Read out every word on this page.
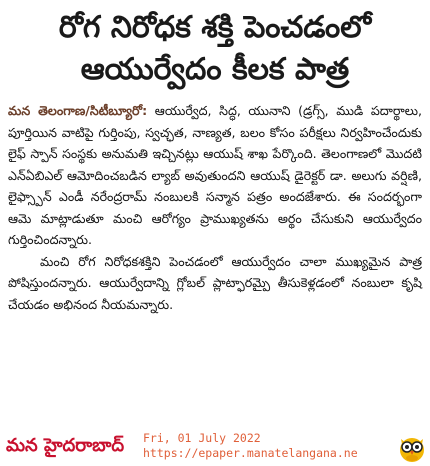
రోగ నిరోధక శక్తి పెంచడంలో
ఆయుర్వేదం కీలక పాత్ర

మన తెలంగాణ/సిటీబ్యూరో: ఆయుర్వేద, సిద్ధ, యునాని (డ్రగ్స్, ముడి పదార్థాలు, పూర్తియిన వాటిపై గుర్తింపు, స్వచ్ఛత, నాణ్యత, బలం కోసం పరీక్షలు నిర్వహించేందుకు లైఫ్ స్పాన్ సంస్థకు అనుమతి ఇచ్చినట్లు ఆయుష్ శాఖ పేర్కొంది. తెలంగాణలో మొదటి ఎన్ఏబిఎల్ ఆమోదించబడిన ల్యాబ్ అవుతుందని ఆయుష్ డైరెక్టర్ డా. అలుగు వర్షిణి, లైఫ్స్పాన్ ఎండీ నరేంద్రరామ్ నంబులకి సన్మాన పత్రం అందజేశారు. ఈ సందర్భంగా ఆమె మాట్లాడుతూ మంచి ఆరోగ్యం ప్రాముఖ్యతను అర్థం చేసుకుని ఆయుర్వేదం గుర్తించిందన్నారు.

మంచి రోగ నిరోధకశక్తిని పెంచడంలో ఆయుర్వేదం చాలా ముఖ్యమైన పాత్ర పోషిస్తుందన్నారు. ఆయుర్వేదాన్ని గ్లోబల్ ప్లాట్ఫారమ్పై తీసుకెళ్లడంలో నంబులా కృషి చేయడం అభినంద నీయమన్నారు.

మన హైదరాబాద్ Fri, 01 July 2022
https://epaper.manatelangana.ne
